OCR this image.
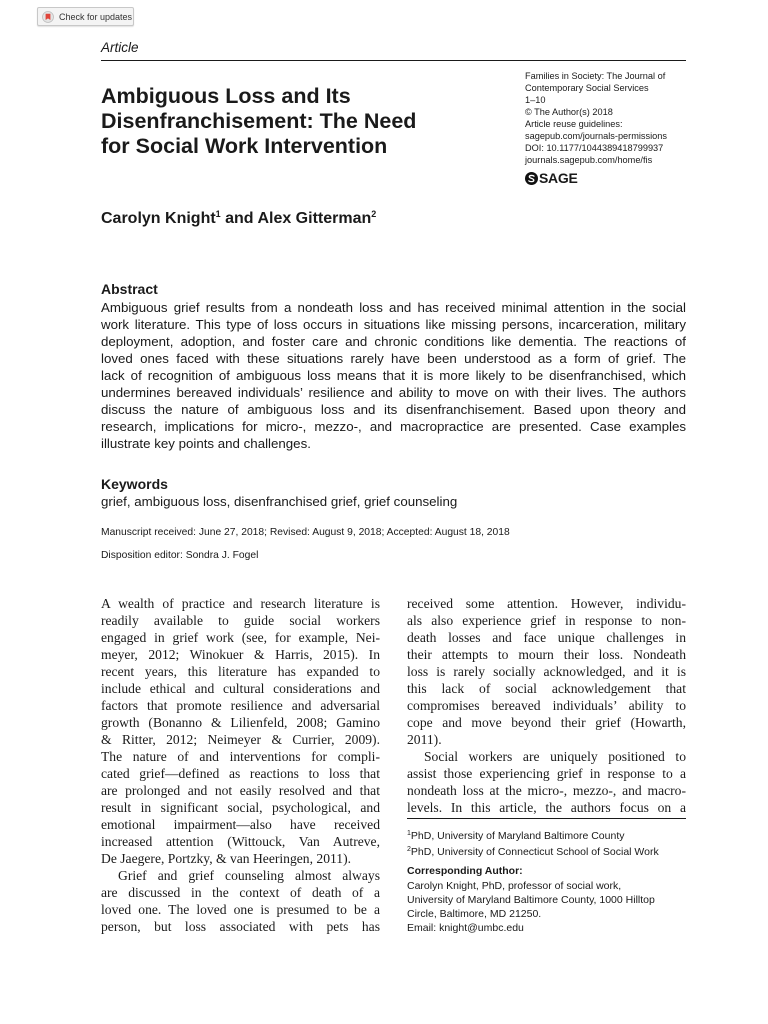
Check for updates
Article
Ambiguous Loss and Its
Disenfranchisement: The Need
for Social Work Intervention
Families in Society: The Journal of
Contemporary Social Services
1–10
© The Author(s) 2018
Article reuse guidelines:
sagepub.com/journals-permissions
DOI: 10.1177/1044389418799937
journals.sagepub.com/home/fis
SAGE
Carolyn Knight$^1$ and Alex Gitterman$^2$
Abstract
Ambiguous grief results from a nondeath loss and has received minimal attention in the social
work literature. This type of loss occurs in situations like missing persons, incarceration, military
deployment, adoption, and foster care and chronic conditions like dementia. The reactions of
loved ones faced with these situations rarely have been understood as a form of grief. The
lack of recognition of ambiguous loss means that it is more likely to be disenfranchised, which
undermines bereaved individuals’ resilience and ability to move on with their lives. The authors
discuss the nature of ambiguous loss and its disenfranchisement. Based upon theory and
research, implications for micro-, mezzo-, and macropractice are presented. Case examples
illustrate key points and challenges.
Keywords
grief, ambiguous loss, disenfranchised grief, grief counseling
Manuscript received: June 27, 2018; Revised: August 9, 2018; Accepted: August 18, 2018
Disposition editor: Sondra J. Fogel
A wealth of practice and research literature is
readily available to guide social workers
engaged in grief work (see, for example, Nei-
meyer, 2012; Winokuer & Harris, 2015). In
recent years, this literature has expanded to
include ethical and cultural considerations and
factors that promote resilience and adversarial
growth (Bonanno & Lilienfeld, 2008; Gamino
& Ritter, 2012; Neimeyer & Currier, 2009).
The nature of and interventions for compli-
cated grief—defined as reactions to loss that
are prolonged and not easily resolved and that
result in significant social, psychological, and
emotional impairment—also have received
increased attention (Wittouck, Van Autreve,
De Jaegere, Portzky, & van Heeringen, 2011).
Grief and grief counseling almost always
are discussed in the context of death of a
loved one. The loved one is presumed to be a
person, but loss associated with pets has
received some attention. However, individu-
als also experience grief in response to non-
death losses and face unique challenges in
their attempts to mourn their loss. Nondeath
loss is rarely socially acknowledged, and it is
this lack of social acknowledgement that
compromises bereaved individuals’ ability to
cope and move beyond their grief (Howarth,
2011).
Social workers are uniquely positioned to
assist those experiencing grief in response to a
nondeath loss at the micro-, mezzo-, and macro-
levels. In this article, the authors focus on a
$^1$PhD, University of Maryland Baltimore County
$^2$PhD, University of Connecticut School of Social Work
Corresponding Author:
Carolyn Knight, PhD, professor of social work,
University of Maryland Baltimore County, 1000 Hilltop
Circle, Baltimore, MD 21250.
Email: knight@umbc.edu
